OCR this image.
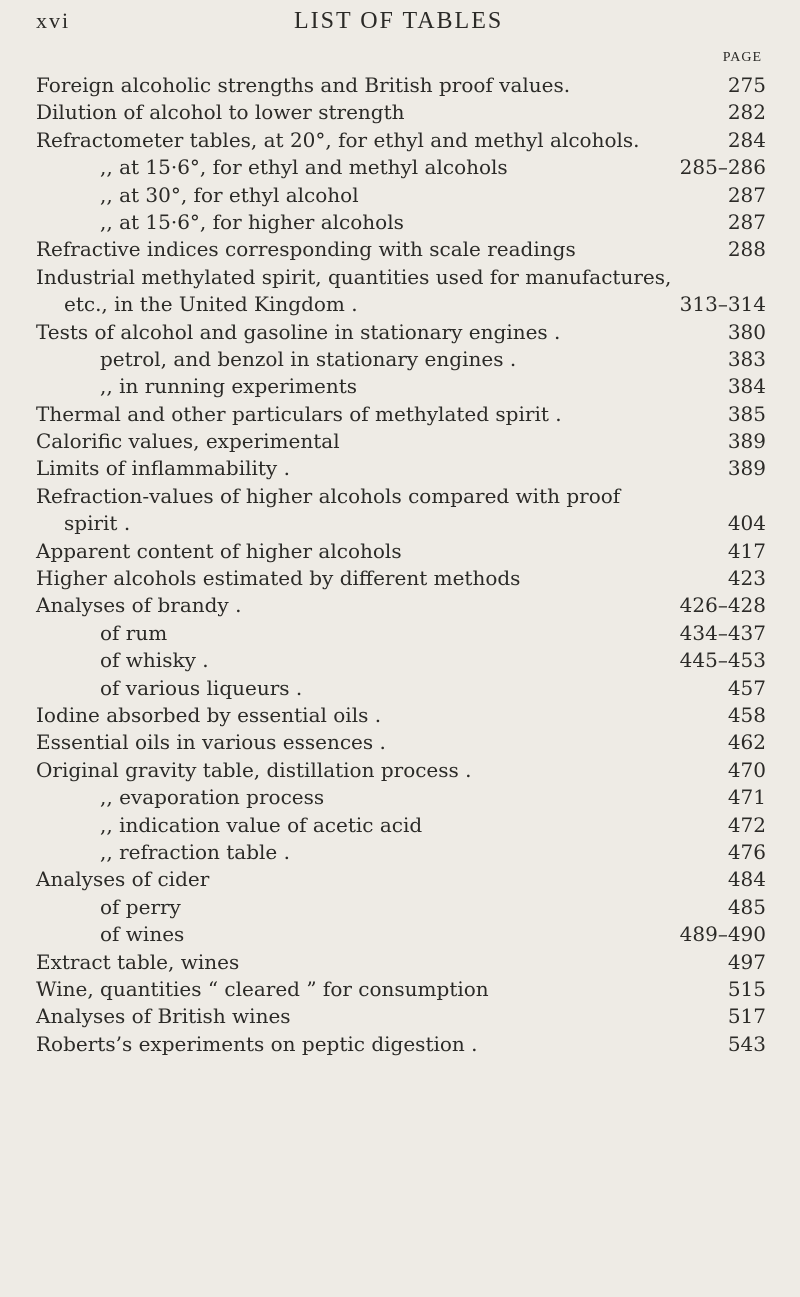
xvi	LIST OF TABLES
PAGE
Foreign alcoholic strengths and British proof values.	275
Dilution of alcohol to lower strength	282
Refractometer tables, at 20°, for ethyl and methyl alcohols.	284
,, at 15·6°, for ethyl and methyl alcohols	285–286
,, at 30°, for ethyl alcohol	287
,, at 15·6°, for higher alcohols	287
Refractive indices corresponding with scale readings	288
Industrial methylated spirit, quantities used for manufactures,
etc., in the United Kingdom .	313–314
Tests of alcohol and gasoline in stationary engines .	380
petrol, and benzol in stationary engines .	383
,, in running experiments	384
Thermal and other particulars of methylated spirit .	385
Calorific values, experimental	389
Limits of inflammability .	389
Refraction-values of higher alcohols compared with proof
spirit .	404
Apparent content of higher alcohols	417
Higher alcohols estimated by different methods	423
Analyses of brandy .	426–428
of rum	434–437
of whisky .	445–453
of various liqueurs .	457
Iodine absorbed by essential oils .	458
Essential oils in various essences .	462
Original gravity table, distillation process .	470
,, evaporation process	471
,, indication value of acetic acid	472
,, refraction table .	476
Analyses of cider	484
of perry	485
of wines	489–490
Extract table, wines	497
Wine, quantities “ cleared ” for consumption	515
Analyses of British wines	517
Roberts’s experiments on peptic digestion .	543
